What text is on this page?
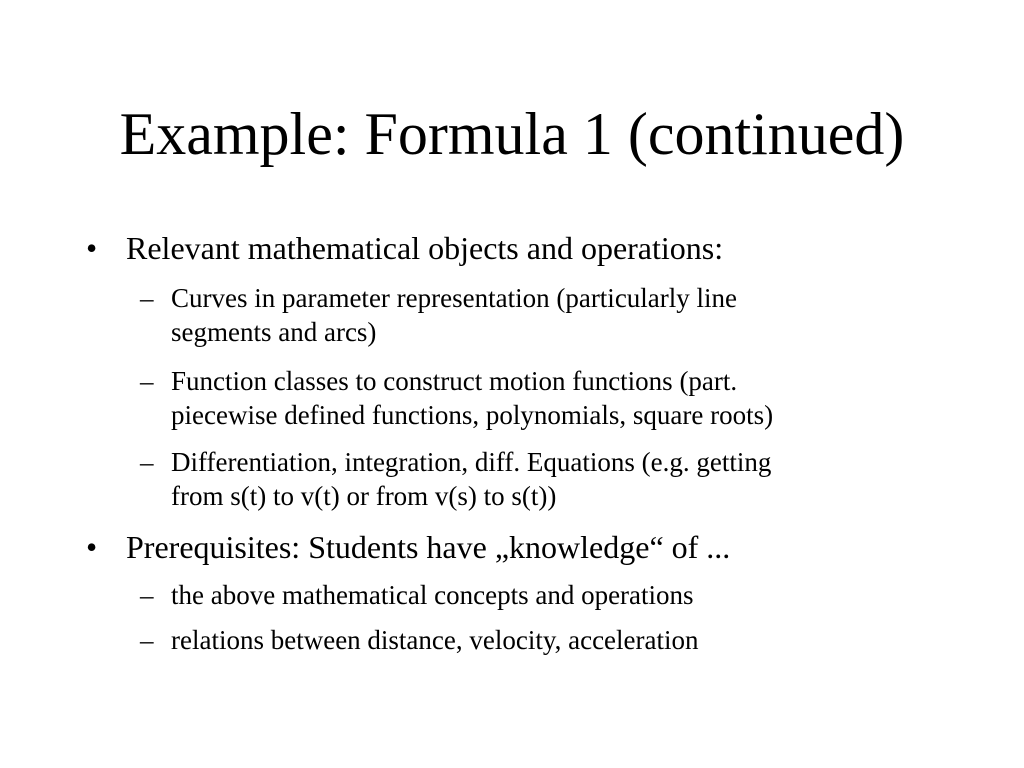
Example: Formula 1 (continued)
• Relevant mathematical objects and operations:
– Curves in parameter representation (particularly line
segments and arcs)
– Function classes to construct motion functions (part.
piecewise defined functions, polynomials, square roots)
– Differentiation, integration, diff. Equations (e.g. getting
from s(t) to v(t) or from v(s) to s(t))
• Prerequisites: Students have „knowledge“ of ...
– the above mathematical concepts and operations
– relations between distance, velocity, acceleration
